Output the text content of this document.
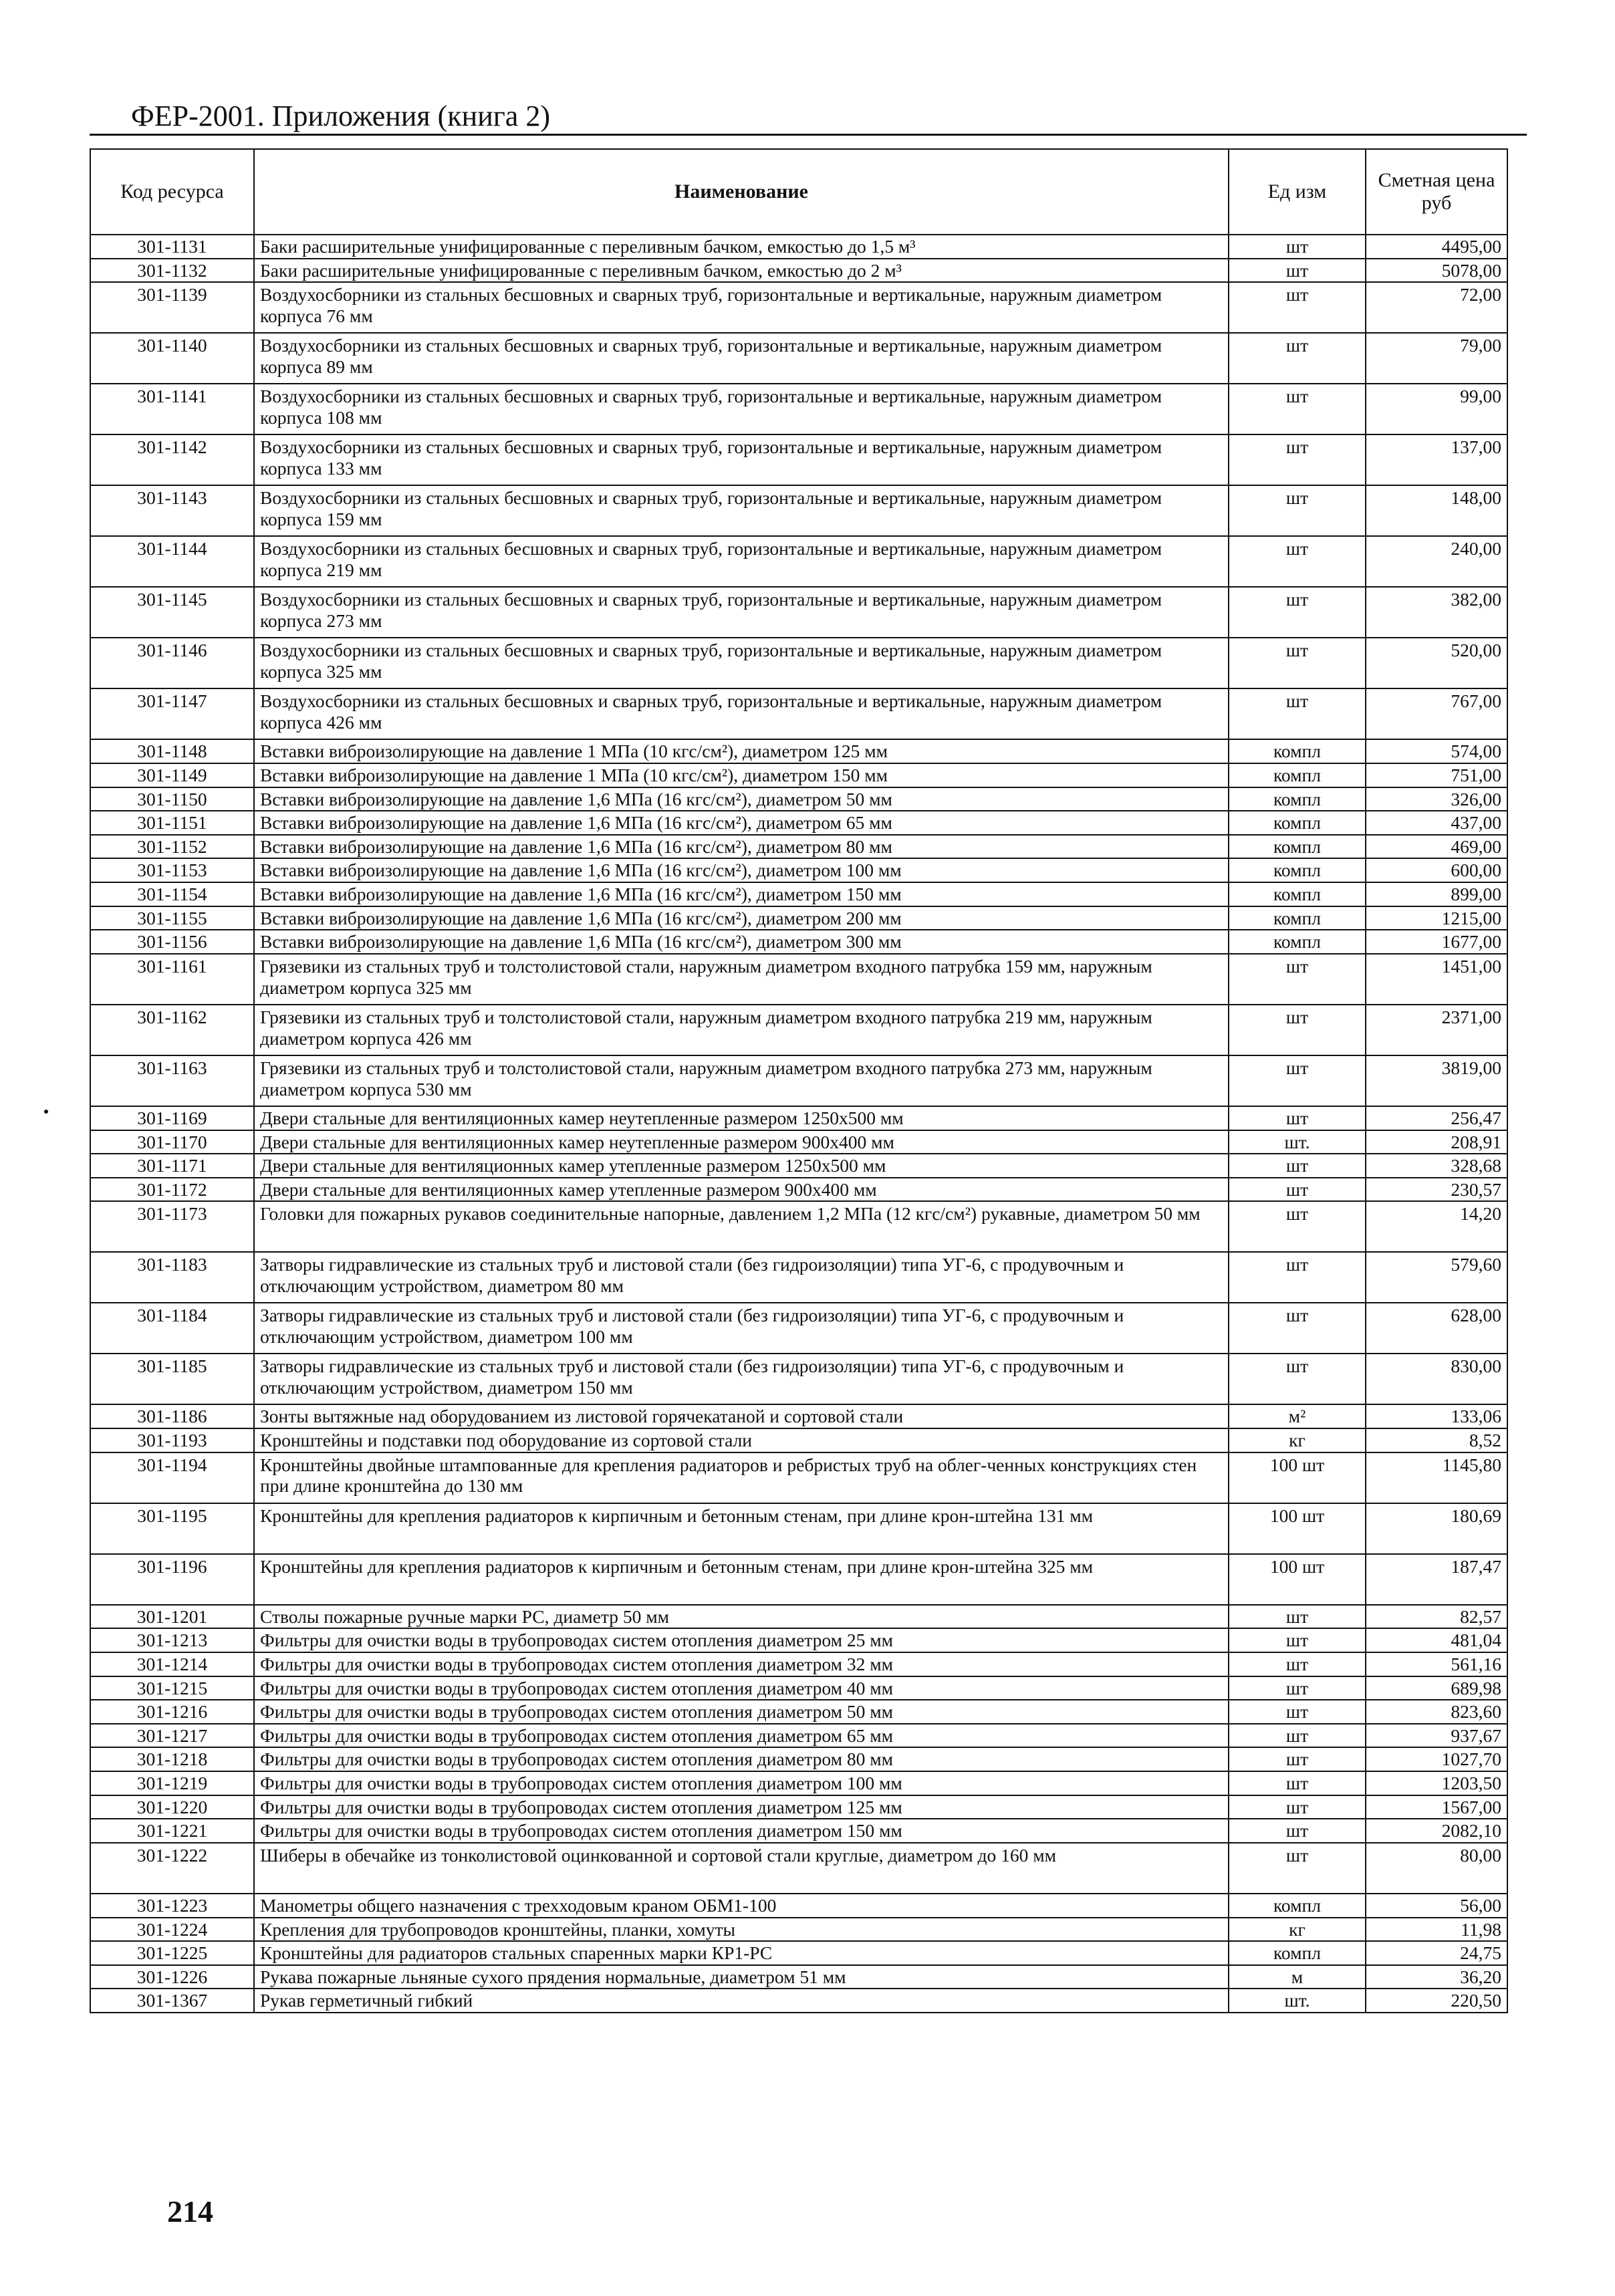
ФЕР-2001. Приложения (книга 2)
Код ресурса	Наименование	Ед изм	Сметная цена руб
301-1131	Баки расширительные унифицированные с переливным бачком, емкостью до 1,5 м³	шт	4495,00
301-1132	Баки расширительные унифицированные с переливным бачком, емкостью до 2 м³	шт	5078,00
301-1139	Воздухосборники из стальных бесшовных и сварных труб, горизонтальные и вертикальные, наружным диаметром корпуса 76 мм	шт	72,00
301-1140	Воздухосборники из стальных бесшовных и сварных труб, горизонтальные и вертикальные, наружным диаметром корпуса 89 мм	шт	79,00
301-1141	Воздухосборники из стальных бесшовных и сварных труб, горизонтальные и вертикальные, наружным диаметром корпуса 108 мм	шт	99,00
301-1142	Воздухосборники из стальных бесшовных и сварных труб, горизонтальные и вертикальные, наружным диаметром корпуса 133 мм	шт	137,00
301-1143	Воздухосборники из стальных бесшовных и сварных труб, горизонтальные и вертикальные, наружным диаметром корпуса 159 мм	шт	148,00
301-1144	Воздухосборники из стальных бесшовных и сварных труб, горизонтальные и вертикальные, наружным диаметром корпуса 219 мм	шт	240,00
301-1145	Воздухосборники из стальных бесшовных и сварных труб, горизонтальные и вертикальные, наружным диаметром корпуса 273 мм	шт	382,00
301-1146	Воздухосборники из стальных бесшовных и сварных труб, горизонтальные и вертикальные, наружным диаметром корпуса 325 мм	шт	520,00
301-1147	Воздухосборники из стальных бесшовных и сварных труб, горизонтальные и вертикальные, наружным диаметром корпуса 426 мм	шт	767,00
301-1148	Вставки виброизолирующие на давление 1 МПа (10 кгс/см²), диаметром 125 мм	компл	574,00
301-1149	Вставки виброизолирующие на давление 1 МПа (10 кгс/см²), диаметром 150 мм	компл	751,00
301-1150	Вставки виброизолирующие на давление 1,6 МПа (16 кгс/см²), диаметром 50 мм	компл	326,00
301-1151	Вставки виброизолирующие на давление 1,6 МПа (16 кгс/см²), диаметром 65 мм	компл	437,00
301-1152	Вставки виброизолирующие на давление 1,6 МПа (16 кгс/см²), диаметром 80 мм	компл	469,00
301-1153	Вставки виброизолирующие на давление 1,6 МПа (16 кгс/см²), диаметром 100 мм	компл	600,00
301-1154	Вставки виброизолирующие на давление 1,6 МПа (16 кгс/см²), диаметром 150 мм	компл	899,00
301-1155	Вставки виброизолирующие на давление 1,6 МПа (16 кгс/см²), диаметром 200 мм	компл	1215,00
301-1156	Вставки виброизолирующие на давление 1,6 МПа (16 кгс/см²), диаметром 300 мм	компл	1677,00
301-1161	Грязевики из стальных труб и толстолистовой стали, наружным диаметром входного патрубка 159 мм, наружным диаметром корпуса 325 мм	шт	1451,00
301-1162	Грязевики из стальных труб и толстолистовой стали, наружным диаметром входного патрубка 219 мм, наружным диаметром корпуса 426 мм	шт	2371,00
301-1163	Грязевики из стальных труб и толстолистовой стали, наружным диаметром входного патрубка 273 мм, наружным диаметром корпуса 530 мм	шт	3819,00
301-1169	Двери стальные для вентиляционных камер неутепленные размером 1250х500 мм	шт	256,47
301-1170	Двери стальные для вентиляционных камер неутепленные размером 900х400 мм	шт.	208,91
301-1171	Двери стальные для вентиляционных камер утепленные размером 1250х500 мм	шт	328,68
301-1172	Двери стальные для вентиляционных камер утепленные размером 900х400 мм	шт	230,57
301-1173	Головки для пожарных рукавов соединительные напорные, давлением 1,2 МПа (12 кгс/см²) рукавные, диаметром 50 мм	шт	14,20
301-1183	Затворы гидравлические из стальных труб и листовой стали (без гидроизоляции) типа УГ-6, с продувочным и отключающим устройством, диаметром 80 мм	шт	579,60
301-1184	Затворы гидравлические из стальных труб и листовой стали (без гидроизоляции) типа УГ-6, с продувочным и отключающим устройством, диаметром 100 мм	шт	628,00
301-1185	Затворы гидравлические из стальных труб и листовой стали (без гидроизоляции) типа УГ-6, с продувочным и отключающим устройством, диаметром 150 мм	шт	830,00
301-1186	Зонты вытяжные над оборудованием из листовой горячекатаной и сортовой стали	м²	133,06
301-1193	Кронштейны и подставки под оборудование из сортовой стали	кг	8,52
301-1194	Кронштейны двойные штампованные для крепления радиаторов и ребристых труб на облег-ченных конструкциях стен при длине кронштейна до 130 мм	100 шт	1145,80
301-1195	Кронштейны для крепления радиаторов к кирпичным и бетонным стенам, при длине крон-штейна 131 мм	100 шт	180,69
301-1196	Кронштейны для крепления радиаторов к кирпичным и бетонным стенам, при длине крон-штейна 325 мм	100 шт	187,47
301-1201	Стволы пожарные ручные марки РС, диаметр 50 мм	шт	82,57
301-1213	Фильтры для очистки воды в трубопроводах систем отопления диаметром 25 мм	шт	481,04
301-1214	Фильтры для очистки воды в трубопроводах систем отопления диаметром 32 мм	шт	561,16
301-1215	Фильтры для очистки воды в трубопроводах систем отопления диаметром 40 мм	шт	689,98
301-1216	Фильтры для очистки воды в трубопроводах систем отопления диаметром 50 мм	шт	823,60
301-1217	Фильтры для очистки воды в трубопроводах систем отопления диаметром 65 мм	шт	937,67
301-1218	Фильтры для очистки воды в трубопроводах систем отопления диаметром 80 мм	шт	1027,70
301-1219	Фильтры для очистки воды в трубопроводах систем отопления диаметром 100 мм	шт	1203,50
301-1220	Фильтры для очистки воды в трубопроводах систем отопления диаметром 125 мм	шт	1567,00
301-1221	Фильтры для очистки воды в трубопроводах систем отопления диаметром 150 мм	шт	2082,10
301-1222	Шиберы в обечайке из тонколистовой оцинкованной и сортовой стали круглые, диаметром до 160 мм	шт	80,00
301-1223	Манометры общего назначения с трехходовым краном ОБМ1-100	компл	56,00
301-1224	Крепления для трубопроводов кронштейны, планки, хомуты	кг	11,98
301-1225	Кронштейны для радиаторов стальных спаренных марки КР1-РС	компл	24,75
301-1226	Рукава пожарные льняные сухого прядения нормальные, диаметром 51 мм	м	36,20
301-1367	Рукав герметичный гибкий	шт.	220,50
214
